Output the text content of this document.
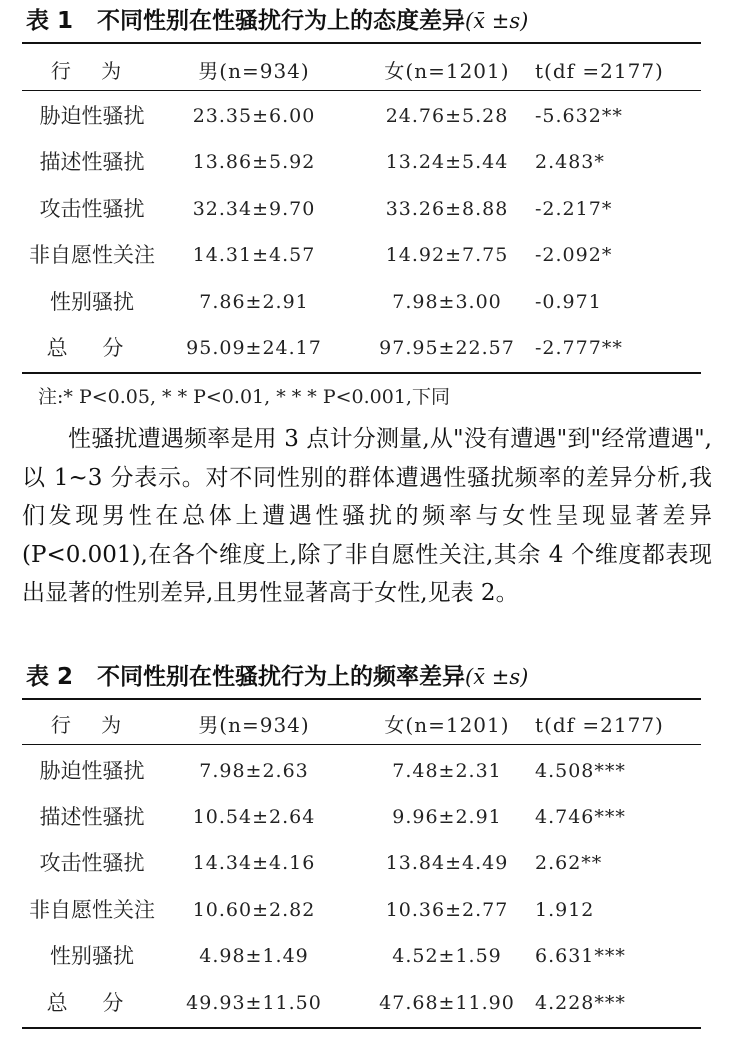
表 1 不同性别在性骚扰行为上的态度差异(x̄ ±s)
行 为	男(n=934)	女(n=1201)	t(df =2177)
胁迫性骚扰	23.35±6.00	24.76±5.28	-5.632**
描述性骚扰	13.86±5.92	13.24±5.44	2.483*
攻击性骚扰	32.34±9.70	33.26±8.88	-2.217*
非自愿性关注	14.31±4.57	14.92±7.75	-2.092*
性别骚扰	7.86±2.91	7.98±3.00	-0.971
总 分	95.09±24.17	97.95±22.57	-2.777**
注:* P<0.05, * * P<0.01, * * * P<0.001,下同
性骚扰遭遇频率是用 3 点计分测量,从"没有遭遇"到"经常遭遇",以 1~3 分表示。对不同性别的群体遭遇性骚扰频率的差异分析,我们发现男性在总体上遭遇性骚扰的频率与女性呈现显著差异(P<0.001),在各个维度上,除了非自愿性关注,其余 4 个维度都表现出显著的性别差异,且男性显著高于女性,见表 2。
表 2 不同性别在性骚扰行为上的频率差异(x̄ ±s)
行 为	男(n=934)	女(n=1201)	t(df =2177)
胁迫性骚扰	7.98±2.63	7.48±2.31	4.508***
描述性骚扰	10.54±2.64	9.96±2.91	4.746***
攻击性骚扰	14.34±4.16	13.84±4.49	2.62**
非自愿性关注	10.60±2.82	10.36±2.77	1.912
性别骚扰	4.98±1.49	4.52±1.59	6.631***
总 分	49.93±11.50	47.68±11.90	4.228***
